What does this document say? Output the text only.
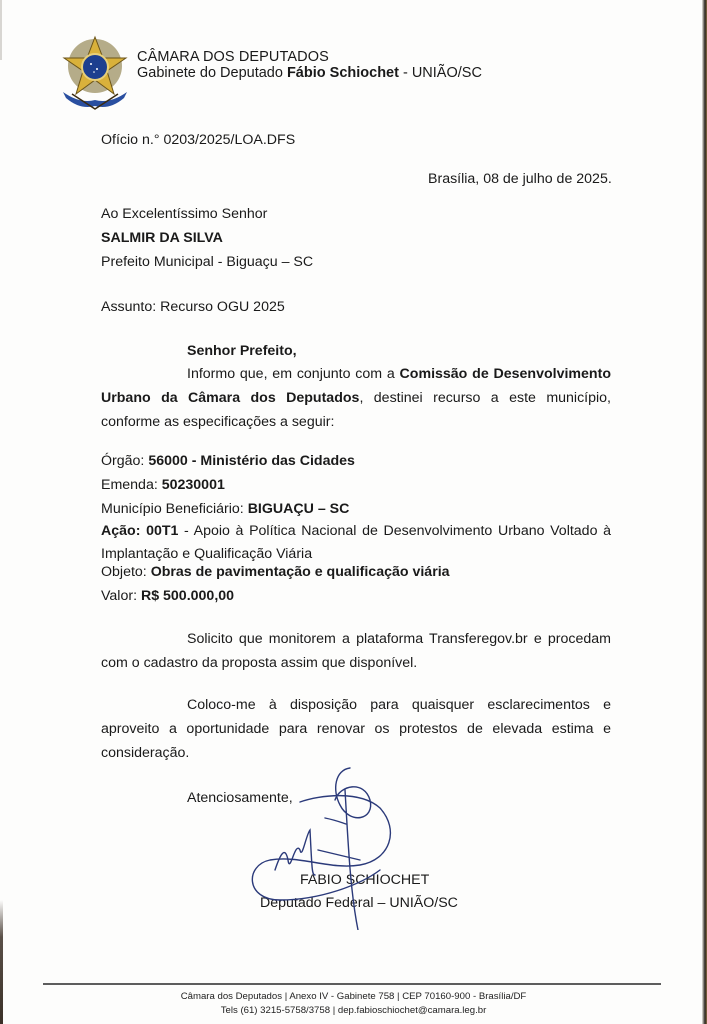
CÂMARA DOS DEPUTADOS
Gabinete do Deputado Fábio Schiochet - UNIÃO/SC
Ofício n.° 0203/2025/LOA.DFS
Brasília, 08 de julho de 2025.
Ao Excelentíssimo Senhor
SALMIR DA SILVA
Prefeito Municipal - Biguaçu – SC
Assunto: Recurso OGU 2025
Senhor Prefeito,
Informo que, em conjunto com a Comissão de Desenvolvimento Urbano da Câmara dos Deputados, destinei recurso a este município, conforme as especificações a seguir:
Órgão: 56000 - Ministério das Cidades
Emenda: 50230001
Município Beneficiário: BIGUAÇU – SC
Ação: 00T1 - Apoio à Política Nacional de Desenvolvimento Urbano Voltado à Implantação e Qualificação Viária
Objeto: Obras de pavimentação e qualificação viária
Valor: R$ 500.000,00
Solicito que monitorem a plataforma Transferegov.br e procedam com o cadastro da proposta assim que disponível.
Coloco-me à disposição para quaisquer esclarecimentos e aproveito a oportunidade para renovar os protestos de elevada estima e consideração.
Atenciosamente,
FABIO SCHIOCHET
Deputado Federal – UNIÃO/SC
Câmara dos Deputados | Anexo IV - Gabinete 758 | CEP 70160-900 - Brasília/DF
Tels (61) 3215-5758/3758 | dep.fabioschiochet@camara.leg.br
